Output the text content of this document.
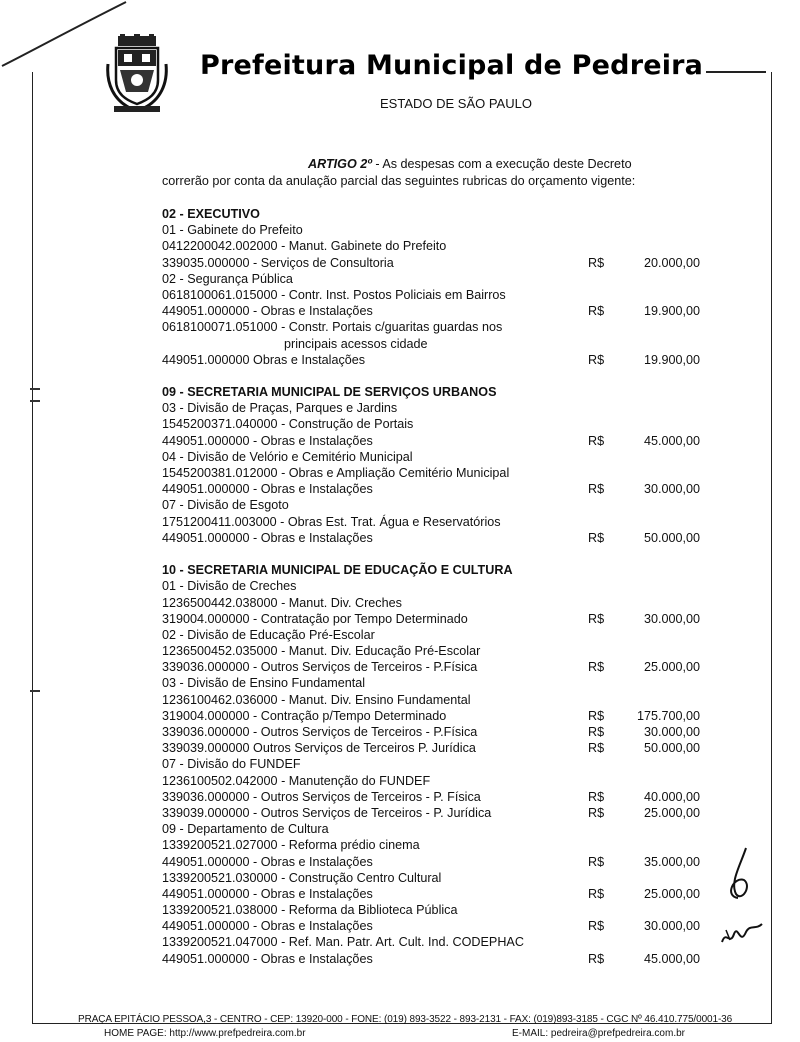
Prefeitura Municipal de Pedreira
ESTADO DE SÃO PAULO

ARTIGO 2º - As despesas com a execução deste Decreto

correrão por conta da anulação parcial das seguintes rubricas do orçamento vigente:

02 - EXECUTIVO
01 - Gabinete do Prefeito
0412200042.002000 - Manut. Gabinete do Prefeito
339035.000000 - Serviços de Consultoria	R$	20.000,00
02 - Segurança Pública
0618100061.015000 - Contr. Inst. Postos Policiais em Bairros
449051.000000 - Obras e Instalações	R$	19.900,00
0618100071.051000 - Constr. Portais c/guaritas guardas nos
principais acessos cidade
449051.000000 Obras e Instalações	R$	19.900,00
09 - SECRETARIA MUNICIPAL DE SERVIÇOS URBANOS
03 - Divisão de Praças, Parques e Jardins
1545200371.040000 - Construção de Portais
449051.000000 - Obras e Instalações	R$	45.000,00
04 - Divisão de Velório e Cemitério Municipal
1545200381.012000 - Obras e Ampliação Cemitério Municipal
449051.000000 - Obras e Instalações	R$	30.000,00
07 - Divisão de Esgoto
1751200411.003000 - Obras Est. Trat. Água e Reservatórios
449051.000000 - Obras e Instalações	R$	50.000,00
10 - SECRETARIA MUNICIPAL DE EDUCAÇÃO E CULTURA
01 - Divisão de Creches
1236500442.038000 - Manut. Div. Creches
319004.000000 - Contratação por Tempo Determinado	R$	30.000,00
02 - Divisão de Educação Pré-Escolar
1236500452.035000 - Manut. Div. Educação Pré-Escolar
339036.000000 - Outros Serviços de Terceiros - P.Física	R$	25.000,00
03 - Divisão de Ensino Fundamental
1236100462.036000 - Manut. Div. Ensino Fundamental
319004.000000 - Contração p/Tempo Determinado	R$	175.700,00
339036.000000 - Outros Serviços de Terceiros - P.Física	R$	30.000,00
339039.000000 Outros Serviços de Terceiros P. Jurídica	R$	50.000,00
07 - Divisão do FUNDEF
1236100502.042000 - Manutenção do FUNDEF
339036.000000 - Outros Serviços de Terceiros - P. Física	R$	40.000,00
339039.000000 - Outros Serviços de Terceiros - P. Jurídica	R$	25.000,00
09 - Departamento de Cultura
1339200521.027000 - Reforma prédio cinema
449051.000000 - Obras e Instalações	R$	35.000,00
1339200521.030000 - Construção Centro Cultural
449051.000000 - Obras e Instalações	R$	25.000,00
1339200521.038000 - Reforma da Biblioteca Pública
449051.000000 - Obras e Instalações	R$	30.000,00
1339200521.047000 - Ref. Man. Patr. Art. Cult. Ind. CODEPHAC
449051.000000 - Obras e Instalações	R$	45.000,00
PRAÇA EPITÁCIO PESSOA,3 - CENTRO - CEP: 13920-000 - FONE: (019) 893-3522 - 893-2131 - FAX: (019)893-3185 - CGC Nº 46.410.775/0001-36
HOME PAGE: http://www.prefpedreira.com.br	E-MAIL: pedreira@prefpedreira.com.br
